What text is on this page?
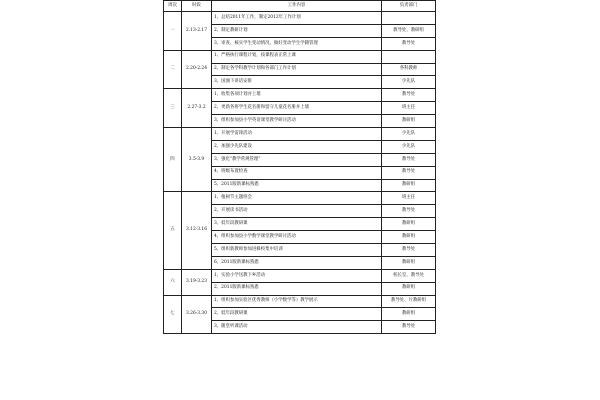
周次	时段	工作内容	负责部门
一	2.13-2.17	1、总结2011年工作，制定2012年工作计划	
		2、制定教研计划	教导处、教研组
		3、审查、核实学生变动情况，做好变动学生学籍管理	教导处
二	2.20-2.24	1、严格执行课程计划，按课程表正常上课	
		2、制定各学科教学计划和各部门工作计划	各科教师
		3、国旗下讲话安排	少先队
三	2.27-3.2	1、收集各项计划并上墙	教导处
		2、更新各班学生花名册和留守儿童花名册并上墙	班主任
		3、组织参加县小学英语课堂教学研讨活动	教研组
四	3.5-3.9	1、开展学雷锋活动	少先队
		2、加强少先队建设	少先队
		3、强化"教学常规管理"	教导处
		4、班级布置检查	教导处
		5、2011版新课标熟悉	教研组
五	3.12-3.16	1、植树节主题班会	班主任
		2、开展读书活动	教导处
		3、低年段教研课	教研组
		4、组织参加县小学数学课堂教学研讨活动	教研组
		5、组织新教师参加进修校集中培训	教导处
		6、2011版新课标熟悉	教研组
六	3.19-3.23	1、实验小学送教下乡活动	校长室、教导处
		2、2011版新课标熟悉	教研组
七	3.26-3.30	1、组织参加实验区优秀教师（小学数学等）教学展示	教导处、片教研组
		2、低年段教研课	教研组
		3、随堂听课活动	教导处
